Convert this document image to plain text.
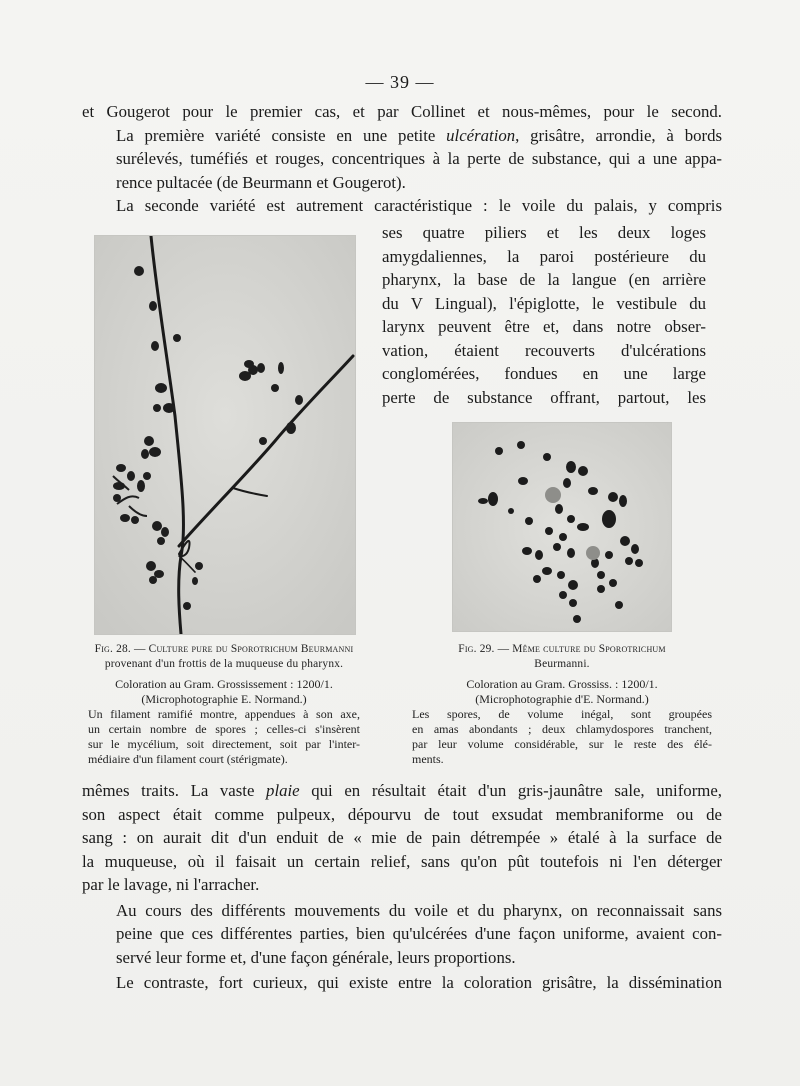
— 39 —

et Gougerot pour le premier cas, et par Collinet et nous-mêmes, pour le second.

La première variété consiste en une petite ulcération, grisâtre, arrondie, à bords
surélevés, tuméfiés et rouges, concentriques à la perte de substance, qui a une appa-
rence pultacée (de Beurmann et Gougerot).

La seconde variété est autrement caractéristique : le voile du palais, y compris

ses quatre piliers et les deux loges
amygdaliennes, la paroi postérieure du
pharynx, la base de la langue (en arrière
du V Lingual), l'épiglotte, le vestibule du
larynx peuvent être et, dans notre obser-
vation, étaient recouverts d'ulcérations
conglomérées, fondues en une large
perte de substance offrant, partout, les
Fig. 28. — Culture pure du Sporotrichum Beurmanni
provenant d'un frottis de la muqueuse du pharynx.
Coloration au Gram. Grossissement : 1200/1.
(Microphotographie E. Normand.)
Un filament ramifié montre, appendues à son axe,
un certain nombre de spores ; celles-ci s'insèrent
sur le mycélium, soit directement, soit par l'inter-
médiaire d'un filament court (stérigmate).
Fig. 29. — Même culture du Sporotrichum
Beurmanni.
Coloration au Gram. Grossiss. : 1200/1.
(Microphotographie d'E. Normand.)
Les spores, de volume inégal, sont groupées
en amas abondants ; deux chlamydospores tranchent,
par leur volume considérable, sur le reste des élé-
ments.

mêmes traits. La vaste plaie qui en résultait était d'un gris-jaunâtre sale, uniforme,
son aspect était comme pulpeux, dépourvu de tout exsudat membraniforme ou de
sang : on aurait dit d'un enduit de « mie de pain détrempée » étalé à la surface de
la muqueuse, où il faisait un certain relief, sans qu'on pût toutefois ni l'en déterger
par le lavage, ni l'arracher.

Au cours des différents mouvements du voile et du pharynx, on reconnaissait sans
peine que ces différentes parties, bien qu'ulcérées d'une façon uniforme, avaient con-
servé leur forme et, d'une façon générale, leurs proportions.

Le contraste, fort curieux, qui existe entre la coloration grisâtre, la dissémination
